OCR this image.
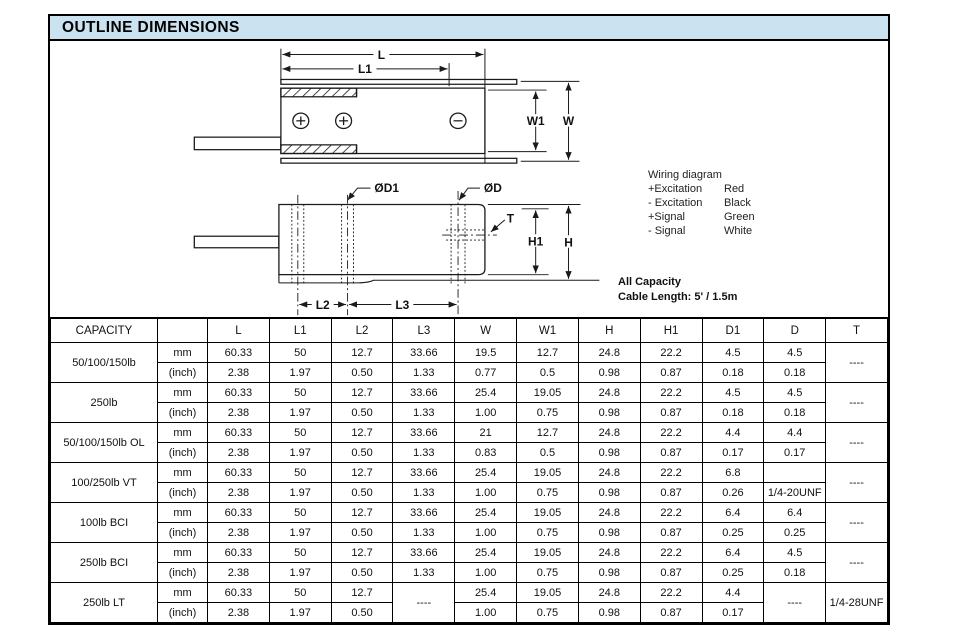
OUTLINE DIMENSIONS
L
L1
W1 W
ØD1	ØD
T
H1 H
L2	L3
Wiring diagram
+Excitation	Red
- Excitation	Black
+Signal	Green
- Signal	White
All Capacity
Cable Length: 5' / 1.5m
CAPACITY		L	L1	L2	L3	W	W1	H	H1	D1	D	T
50/100/150lb	mm	60.33	50	12.7	33.66	19.5	12.7	24.8	22.2	4.5	4.5	----
	(inch)	2.38	1.97	0.50	1.33	0.77	0.5	0.98	0.87	0.18	0.18	
250lb	mm	60.33	50	12.7	33.66	25.4	19.05	24.8	22.2	4.5	4.5	----
	(inch)	2.38	1.97	0.50	1.33	1.00	0.75	0.98	0.87	0.18	0.18	
50/100/150lb OL	mm	60.33	50	12.7	33.66	21	12.7	24.8	22.2	4.4	4.4	----
	(inch)	2.38	1.97	0.50	1.33	0.83	0.5	0.98	0.87	0.17	0.17	
100/250lb VT	mm	60.33	50	12.7	33.66	25.4	19.05	24.8	22.2	6.8		----
	(inch)	2.38	1.97	0.50	1.33	1.00	0.75	0.98	0.87	0.26	1/4-20UNF	
100lb BCI	mm	60.33	50	12.7	33.66	25.4	19.05	24.8	22.2	6.4	6.4	----
	(inch)	2.38	1.97	0.50	1.33	1.00	0.75	0.98	0.87	0.25	0.25	
250lb BCI	mm	60.33	50	12.7	33.66	25.4	19.05	24.8	22.2	6.4	4.5	----
	(inch)	2.38	1.97	0.50	1.33	1.00	0.75	0.98	0.87	0.25	0.18	
250lb LT	mm	60.33	50	12.7	----	25.4	19.05	24.8	22.2	4.4	----	1/4-28UNF
	(inch)	2.38	1.97	0.50		1.00	0.75	0.98	0.87	0.17		
